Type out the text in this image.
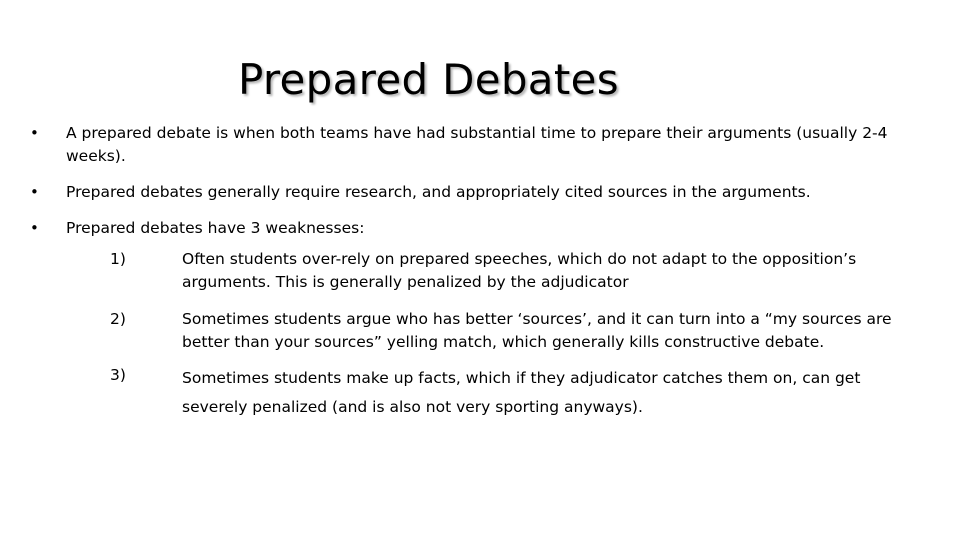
Prepared Debates
•	A prepared debate is when both teams have had substantial time to prepare their arguments (usually 2-4 weeks).
•	Prepared debates generally require research, and appropriately cited sources in the arguments.
•	Prepared debates have 3 weaknesses:
1)	Often students over-rely on prepared speeches, which do not adapt to the opposition’s arguments. This is generally penalized by the adjudicator
2)	Sometimes students argue who has better ‘sources’, and it can turn into a “my sources are better than your sources” yelling match, which generally kills constructive debate.
3)	Sometimes students make up facts, which if they adjudicator catches them on, can get severely penalized (and is also not very sporting anyways).
